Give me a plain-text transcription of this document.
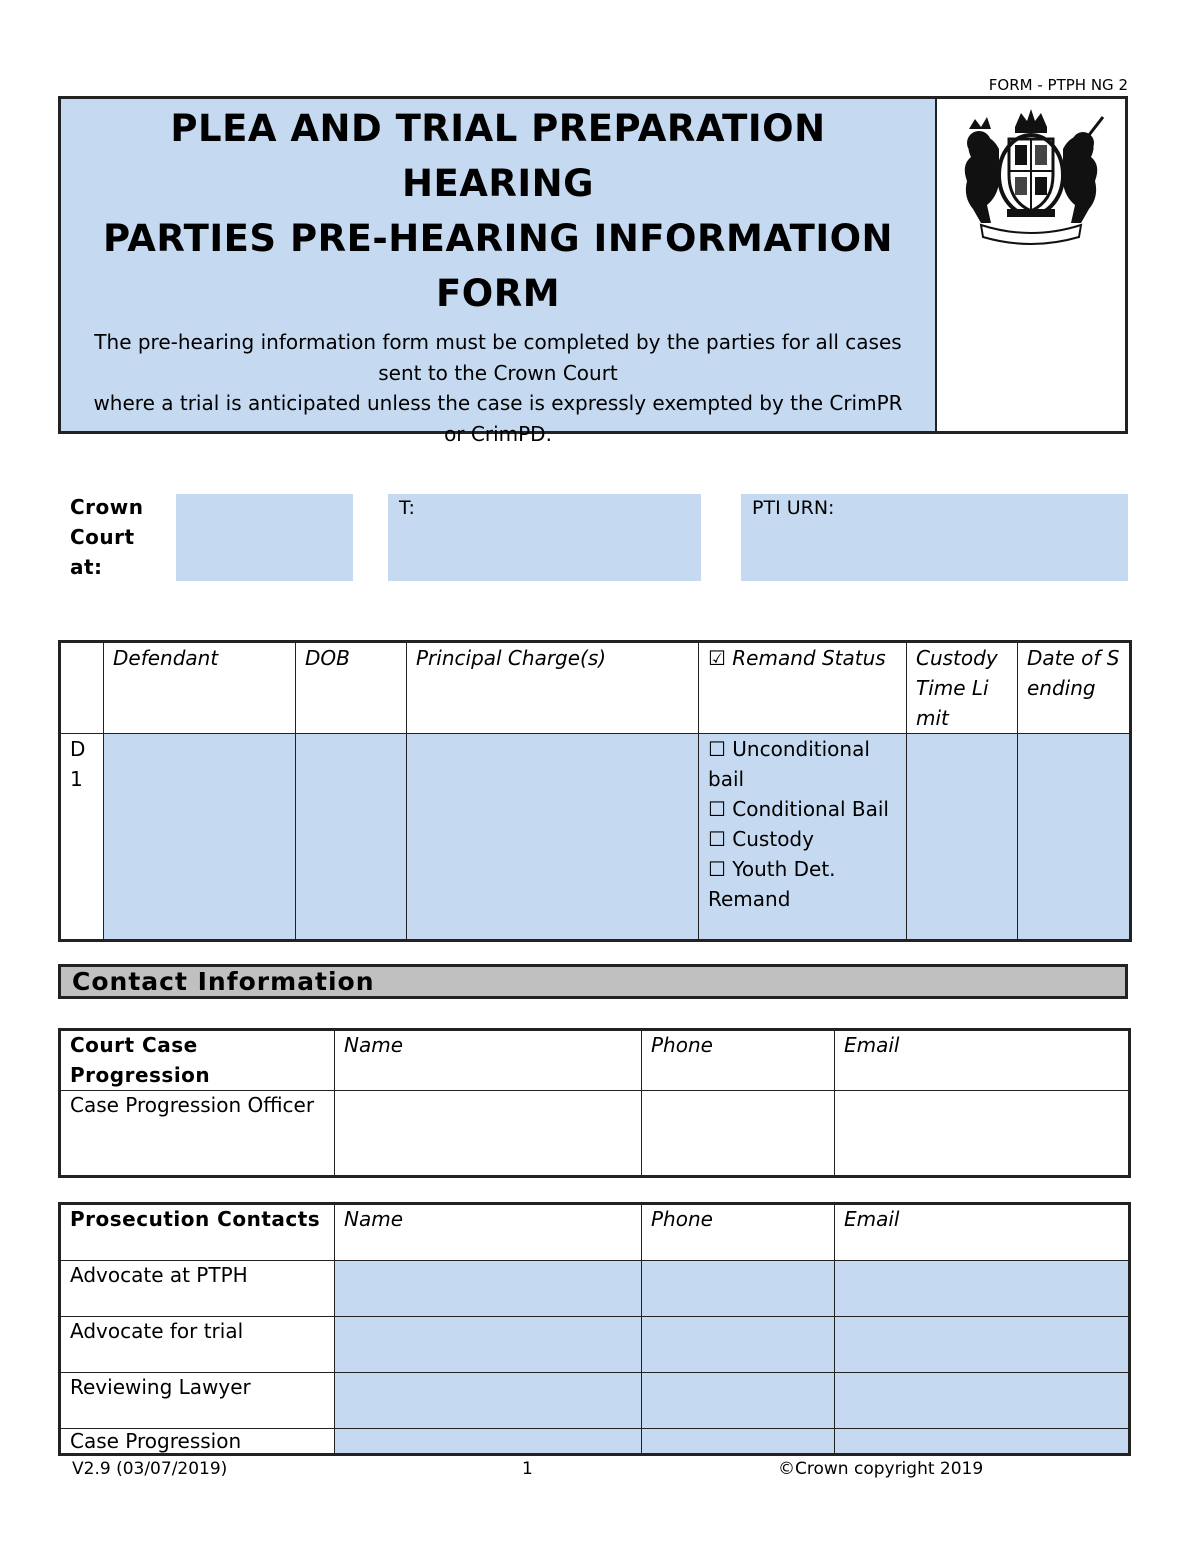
FORM - PTPH NG 2
PLEA AND TRIAL PREPARATION
HEARING
PARTIES PRE-HEARING INFORMATION
FORM

The pre-hearing information form must be completed by the parties for all cases sent to the Crown Court
where a trial is anticipated unless the case is expressly exempted by the CrimPR or CrimPD.

Crown Court at:
T:	PTI URN:
	Defendant	DOB	Principal Charge(s)	☑ Remand Status	Custody Time Limit	Date of Sending
D 1				☐ Unconditional bail
☐ Conditional Bail
☐ Custody
☐ Youth Det. Remand		

Contact Information
Court Case Progression	Name	Phone	Email
Case Progression Officer			
Prosecution Contacts	Name	Phone	Email
Advocate at PTPH			
Advocate for trial			
Reviewing Lawyer			
Case Progression			
V2.9 (03/07/2019)	1	©Crown copyright 2019
